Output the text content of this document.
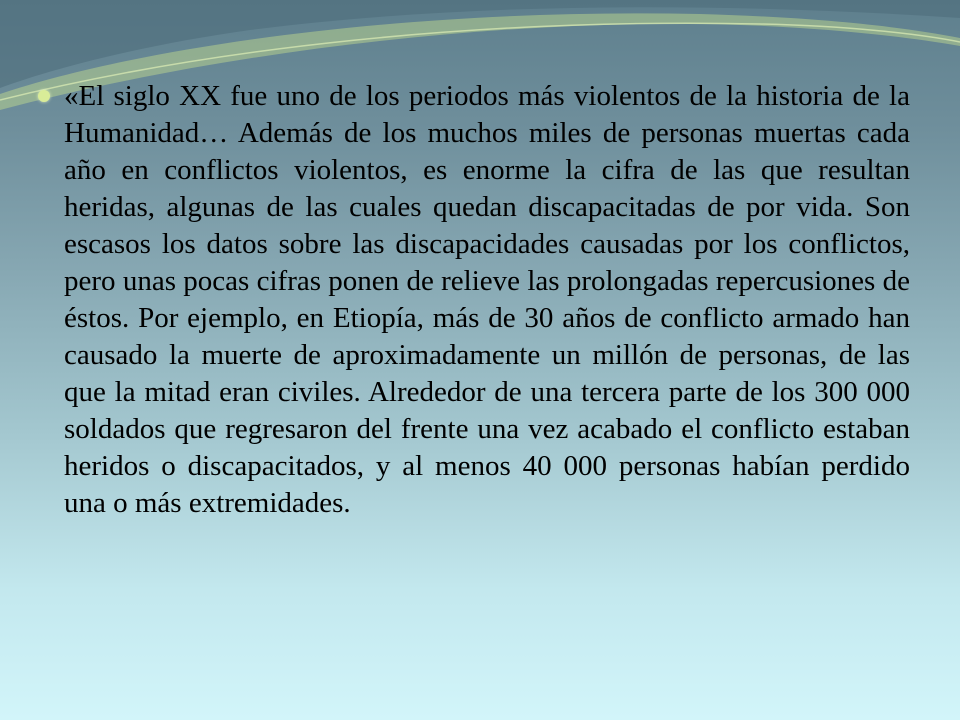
«El siglo XX fue uno de los periodos más violentos de la historia de la Humanidad… Además de los muchos miles de personas muertas cada año en conflictos violentos, es enorme la cifra de las que resultan heridas, algunas de las cuales quedan discapacitadas de por vida. Son escasos los datos sobre las discapacidades causadas por los conflictos, pero unas pocas cifras ponen de relieve las prolongadas repercusiones de éstos. Por ejemplo, en Etiopía, más de 30 años de conflicto armado han causado la muerte de aproximadamente un millón de personas, de las que la mitad eran civiles. Alrededor de una tercera parte de los 300 000 soldados que regresaron del frente una vez acabado el conflicto estaban heridos o discapacitados, y al menos 40 000 personas habían perdido una o más extremidades.
